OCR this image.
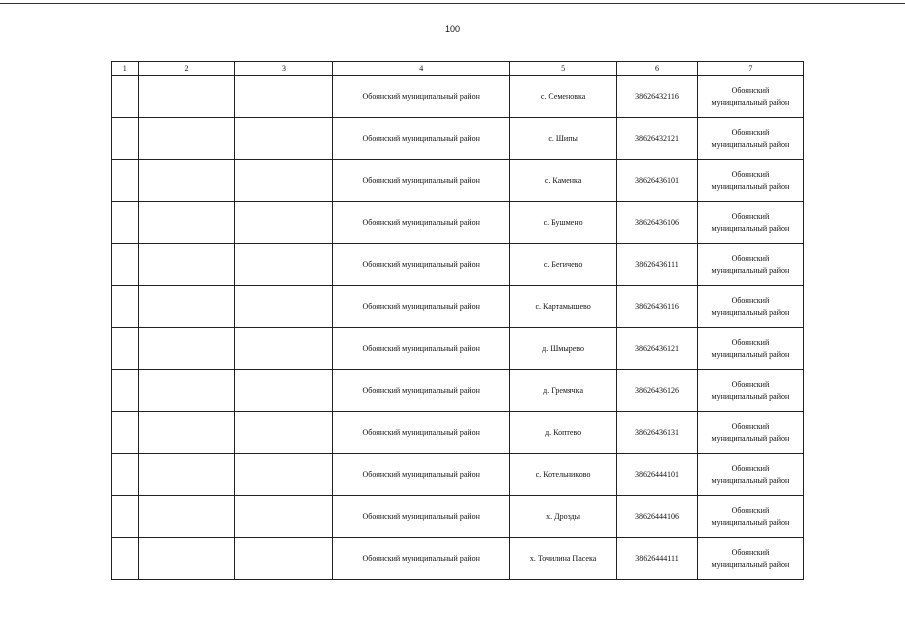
100
1	2	3	4	5	6	7
			Обоянский муниципальный район	с. Семеновка	38626432116	Обоянский
муниципальный район

			Обоянский муниципальный район	с. Шипы	38626432121	Обоянский
муниципальный район

			Обоянский муниципальный район	с. Каменка	38626436101	Обоянский
муниципальный район

			Обоянский муниципальный район	с. Бушмено	38626436106	Обоянский
муниципальный район

			Обоянский муниципальный район	с. Бегичево	38626436111	Обоянский
муниципальный район

			Обоянский муниципальный район	с. Картамышево	38626436116	Обоянский
муниципальный район

			Обоянский муниципальный район	д. Шмырево	38626436121	Обоянский
муниципальный район

			Обоянский муниципальный район	д. Гремячка	38626436126	Обоянский
муниципальный район

			Обоянский муниципальный район	д. Коптево	38626436131	Обоянский
муниципальный район

			Обоянский муниципальный район	с. Котельниково	38626444101	Обоянский
муниципальный район

			Обоянский муниципальный район	х. Дрозды	38626444106	Обоянский
муниципальный район

			Обоянский муниципальный район	х. Точилина Пасека	38626444111	Обоянский
муниципальный район
